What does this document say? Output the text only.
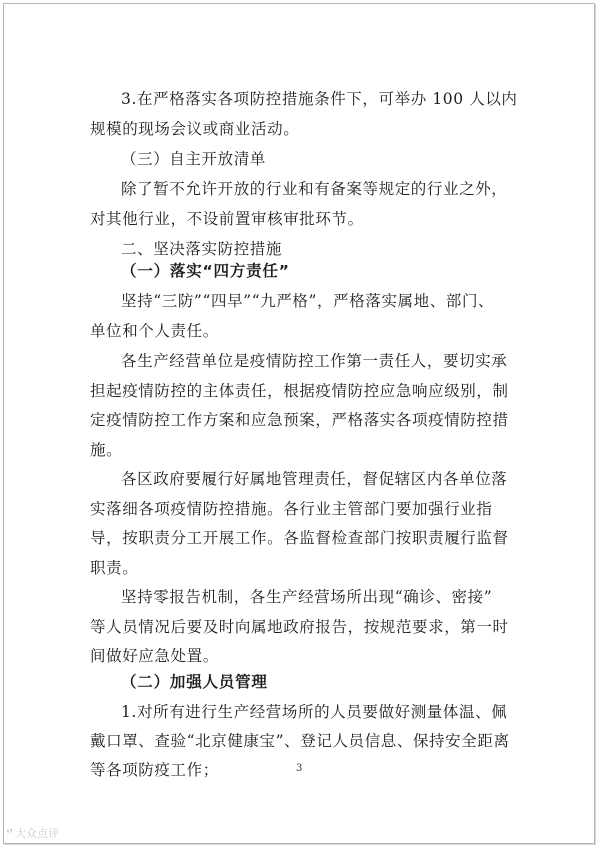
3.在严格落实各项防控措施条件下，可举办 100 人以内
规模的现场会议或商业活动。
（三）自主开放清单
除了暂不允许开放的行业和有备案等规定的行业之外，
对其他行业，不设前置审核审批环节。
二、坚决落实防控措施
（一）落实“四方责任”
坚持“三防”“四早”“九严格”，严格落实属地、部门、
单位和个人责任。
各生产经营单位是疫情防控工作第一责任人，要切实承
担起疫情防控的主体责任，根据疫情防控应急响应级别，制
定疫情防控工作方案和应急预案，严格落实各项疫情防控措
施。
各区政府要履行好属地管理责任，督促辖区内各单位落
实落细各项疫情防控措施。各行业主管部门要加强行业指
导，按职责分工开展工作。各监督检查部门按职责履行监督
职责。
坚持零报告机制，各生产经营场所出现“确诊、密接”
等人员情况后要及时向属地政府报告，按规范要求，第一时
间做好应急处置。
（二）加强人员管理
1.对所有进行生产经营场所的人员要做好测量体温、佩
戴口罩、查验“北京健康宝”、登记人员信息、保持安全距离
等各项防疫工作；	3
❛❜ 大众点评
